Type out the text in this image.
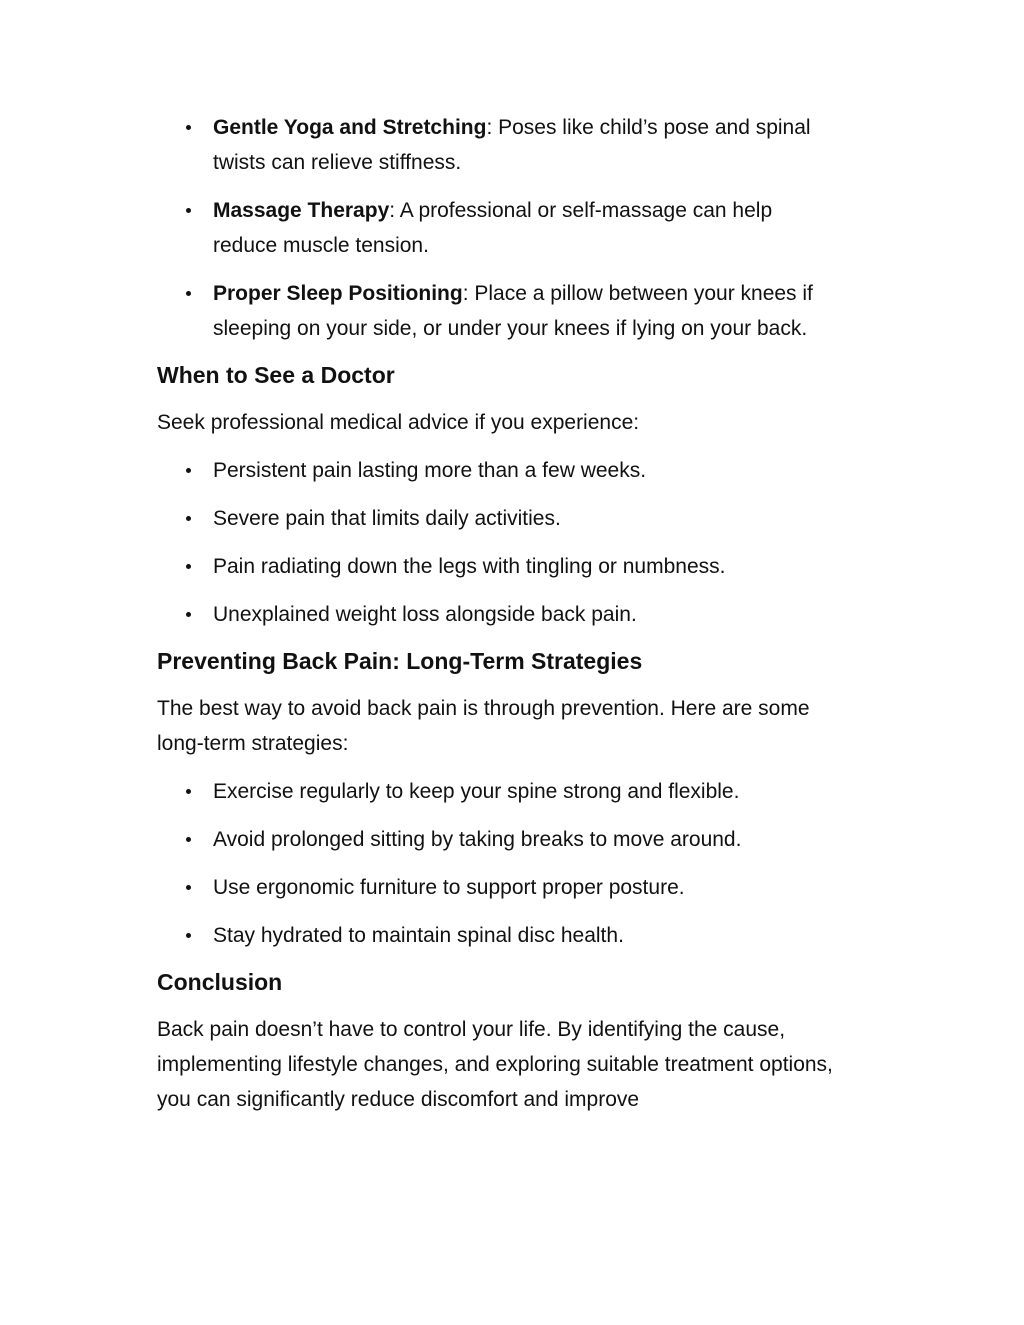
Gentle Yoga and Stretching: Poses like child’s pose and spinal twists can relieve stiffness.
Massage Therapy: A professional or self-massage can help reduce muscle tension.
Proper Sleep Positioning: Place a pillow between your knees if sleeping on your side, or under your knees if lying on your back.
When to See a Doctor

Seek professional medical advice if you experience:

Persistent pain lasting more than a few weeks.
Severe pain that limits daily activities.
Pain radiating down the legs with tingling or numbness.
Unexplained weight loss alongside back pain.
Preventing Back Pain: Long-Term Strategies

The best way to avoid back pain is through prevention. Here are some long-term strategies:

Exercise regularly to keep your spine strong and flexible.
Avoid prolonged sitting by taking breaks to move around.
Use ergonomic furniture to support proper posture.
Stay hydrated to maintain spinal disc health.
Conclusion

Back pain doesn’t have to control your life. By identifying the cause, implementing lifestyle changes, and exploring suitable treatment options, you can significantly reduce discomfort and improve
